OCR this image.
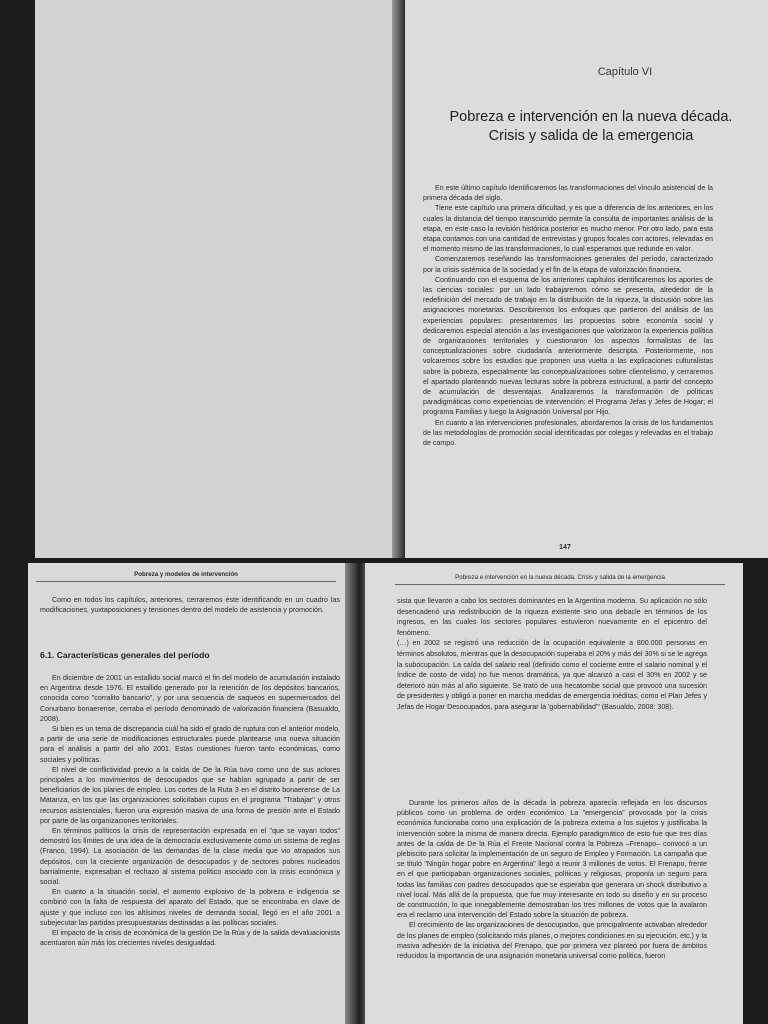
Capítulo VI
Pobreza e intervención en la nueva década.
Crisis y salida de la emergencia

En este último capítulo identificaremos las transformaciones del vínculo asistencial de la primera década del siglo.

Tiene este capítulo una primera dificultad, y es que a diferencia de los anteriores, en los cuales la distancia del tiempo transcurrido permite la consulta de importantes análisis de la etapa, en este caso la revisión histórica posterior es mucho menor. Por otro lado, para esta etapa contamos con una cantidad de entrevistas y grupos focales con actores, relevadas en el momento mismo de las transformaciones, lo cual esperamos que redunde en valor.

Comenzaremos reseñando las transformaciones generales del período, caracterizado por la crisis sistémica de la sociedad y el fin de la etapa de valorización financiera.

Continuando con el esquema de los anteriores capítulos identificaremos los aportes de las ciencias sociales: por un lado trabajaremos cómo se presenta, alrededor de la redefinición del mercado de trabajo en la distribución de la riqueza, la discusión sobre las asignaciones monetarias. Describiremos los enfoques que partieron del análisis de las experiencias populares: presentaremos las propuestas sobre economía social y dedicaremos especial atención a las investigaciones que valorizaron la experiencia política de organizaciones territoriales y cuestionaron los aspectos formalistas de las conceptualizaciones sobre ciudadanía anteriormente descripta. Posteriormente, nos volcaremos sobre los estudios que proponen una vuelta a las explicaciones culturalistas sobre la pobreza, especialmente las conceptualizaciones sobre clientelismo, y cerraremos el apartado planteando nuevas lecturas sobre la pobreza estructural, a partir del concepto de acumulación de desventajas. Analizaremos la transformación de políticas paradigmáticas como experiencias de intervención: el Programa Jefas y Jefes de Hogar; el programa Familias y luego la Asignación Universal por Hijo.

En cuanto a las intervenciones profesionales, abordaremos la crisis de los fundamentos de las metodologías de promoción social identificadas por colegas y relevadas en el trabajo de campo.

147
Pobreza y modelos de intervención

Como en todos los capítulos, anteriores, cerraremos éste identificando en un cuadro las modificaciones, yuxtaposiciones y tensiones dentro del modelo de asistencia y promoción.

6.1. Características generales del período

En diciembre de 2001 un estallido social marcó el fin del modelo de acumulación instalado en Argentina desde 1976. El estallido generado por la retención de los depósitos bancarios, conocida como "corralito bancario", y por una secuencia de saqueos en supermercados del Conurbano bonaerense, cerraba el período denominado de valorización financiera (Basualdo, 2008).

Si bien es un tema de discrepancia cuál ha sido el grado de ruptura con el anterior modelo, a partir de una serie de modificaciones estructurales puede plantearse una nueva situación para el análisis a partir del año 2001. Estas cuestiones fueron tanto económicas, como sociales y políticas.

El nivel de conflictividad previo a la caída de De la Rúa tuvo como uno de sus actores principales a los movimientos de desocupados que se habían agrupado a partir de ser beneficiarios de los planes de empleo. Los cortes de la Ruta 3 en el distrito bonaerense de La Matanza, en los que las organizaciones solicitaban cupos en el programa "Trabajar" y otros recursos asistenciales, fueron una expresión masiva de una forma de presión ante el Estado por parte de las organizaciones territoriales.

En términos políticos la crisis de representación expresada en el "que se vayan todos" demostró los límites de una idea de la democracia exclusivamente como un sistema de reglas (Franco, 1994). La asociación de las demandas de la clase media que vio atrapados sus depósitos, con la creciente organización de desocupados y de sectores pobres nucleados barrialmente, expresaban el rechazo al sistema político asociado con la crisis económica y social.

En cuanto a la situación social, el aumento explosivo de la pobreza e indigencia se combinó con la falta de respuesta del aparato del Estado, que se encontraba en clave de ajuste y que incluso con los altísimos niveles de demanda social, llegó en el año 2001 a subejecutar las partidas presupuestarias destinadas a las políticas sociales.

El impacto de la crisis de económica de la gestión De la Rúa y de la salida devaluacionista acentuaron aún más los crecientes niveles desigualdad.

Pobreza e intervención en la nueva década. Crisis y salida de la emergencia

sista que llevaron a cabo los sectores dominantes en la Argentina moderna. Su aplicación no sólo desencadenó una redistribución de la riqueza existente sino una debacle en términos de los ingresos, en las cuales los sectores populares estuvieron nuevamente en el epicentro del fenómeno.

(…) en 2002 se registró una reducción de la ocupación equivalente a 800.000 personas en términos absolutos, mientras que la desocupación superaba el 20% y más del 30% si se le agrega la subocupación. La caída del salario real (definido como el cociente entre el salario nominal y el índice de costo de vida) no fue menos dramática, ya que alcanzó a casi el 30% en 2002 y se deterioró aún más al año siguiente. Se trató de una hecatombe social que provocó una sucesión de presidentes y obligó a poner en marcha medidas de emergencia inéditas, como el Plan Jefes y Jefas de Hogar Desocupados, para asegurar la 'gobernabilidad'" (Basualdo, 2008: 308).

Durante los primeros años de la década la pobreza aparecía reflejada en los discursos públicos como un problema de orden económico. La "emergencia" provocada por la crisis económica funcionaba como una explicación de la pobreza externa a los sujetos y justificaba la intervención sobre la misma de manera directa. Ejemplo paradigmático de esto fue que tres días antes de la caída de De la Rúa el Frente Nacional contra la Pobreza –Frenapo– convocó a un plebiscito para solicitar la implementación de un seguro de Empleo y Formación. La campaña que se tituló "Ningún hogar pobre en Argentina" llegó a reunir 3 millones de votos. El Frenapo, frente en el que participaban organizaciones sociales, políticas y religiosas, proponía un seguro para todas las familias con padres desocupados que se esperaba que generara un shock distributivo a nivel local. Más allá de la propuesta, que fue muy interesante en todo su diseño y en su proceso de construcción, lo que innegablemente demostraban los tres millones de votos que la avalaron era el reclamo una intervención del Estado sobre la situación de pobreza.

El crecimiento de las organizaciones de desocupados, que principalmente activaban alrededor de los planes de empleo (solicitando más planes, o mejores condiciones en su ejecución, etc.) y la masiva adhesión de la iniciativa del Frenapo, que por primera vez planteó por fuera de ámbitos reducidos la importancia de una asignación monetaria universal como política, fueron
